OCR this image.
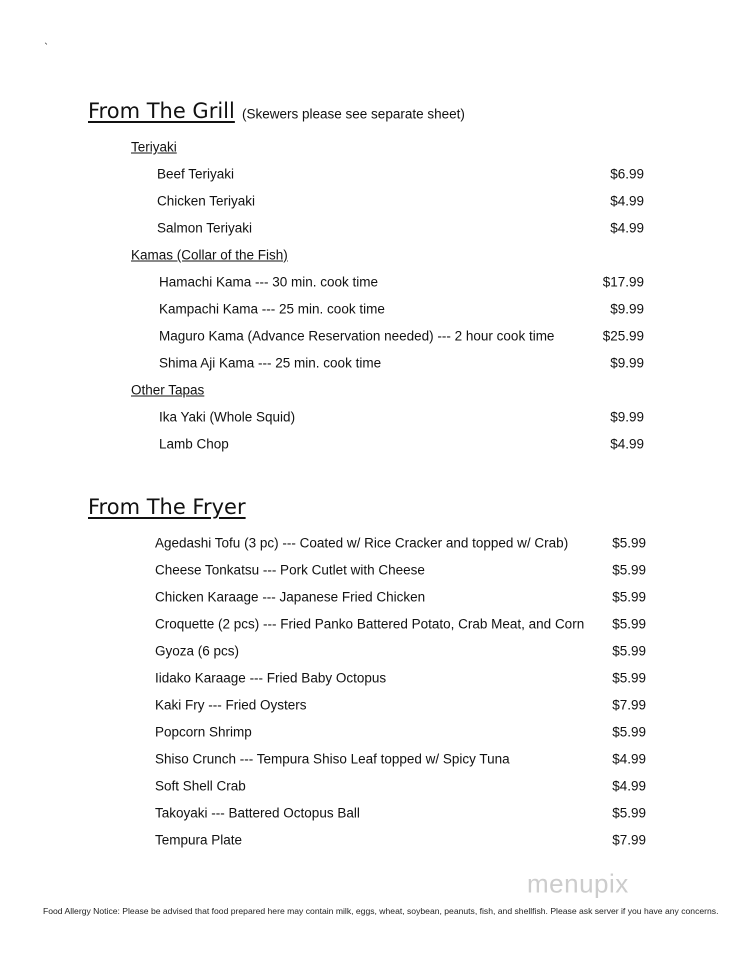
`
From The Grill (Skewers please see separate sheet)
From The Fryer
menupix
Food Allergy Notice: Please be advised that food prepared here may contain milk, eggs, wheat, soybean, peanuts, fish, and shellfish. Please ask server if you have any concerns.
Teriyaki
Beef Teriyaki	$6.99
Chicken Teriyaki	$4.99
Salmon Teriyaki	$4.99
Kamas (Collar of the Fish)
Hamachi Kama --- 30 min. cook time	$17.99
Kampachi Kama --- 25 min. cook time	$9.99
Maguro Kama (Advance Reservation needed) --- 2 hour cook time	$25.99
Shima Aji Kama --- 25 min. cook time	$9.99
Other Tapas
Ika Yaki (Whole Squid)	$9.99
Lamb Chop	$4.99
Agedashi Tofu (3 pc) --- Coated w/ Rice Cracker and topped w/ Crab)	$5.99
Cheese Tonkatsu --- Pork Cutlet with Cheese	$5.99
Chicken Karaage --- Japanese Fried Chicken	$5.99
Croquette (2 pcs) --- Fried Panko Battered Potato, Crab Meat, and Corn $5.99
Gyoza (6 pcs)	$5.99
Iidako Karaage --- Fried Baby Octopus	$5.99
Kaki Fry --- Fried Oysters	$7.99
Popcorn Shrimp	$5.99
Shiso Crunch --- Tempura Shiso Leaf topped w/ Spicy Tuna	$4.99
Soft Shell Crab	$4.99
Takoyaki --- Battered Octopus Ball	$5.99
Tempura Plate	$7.99
